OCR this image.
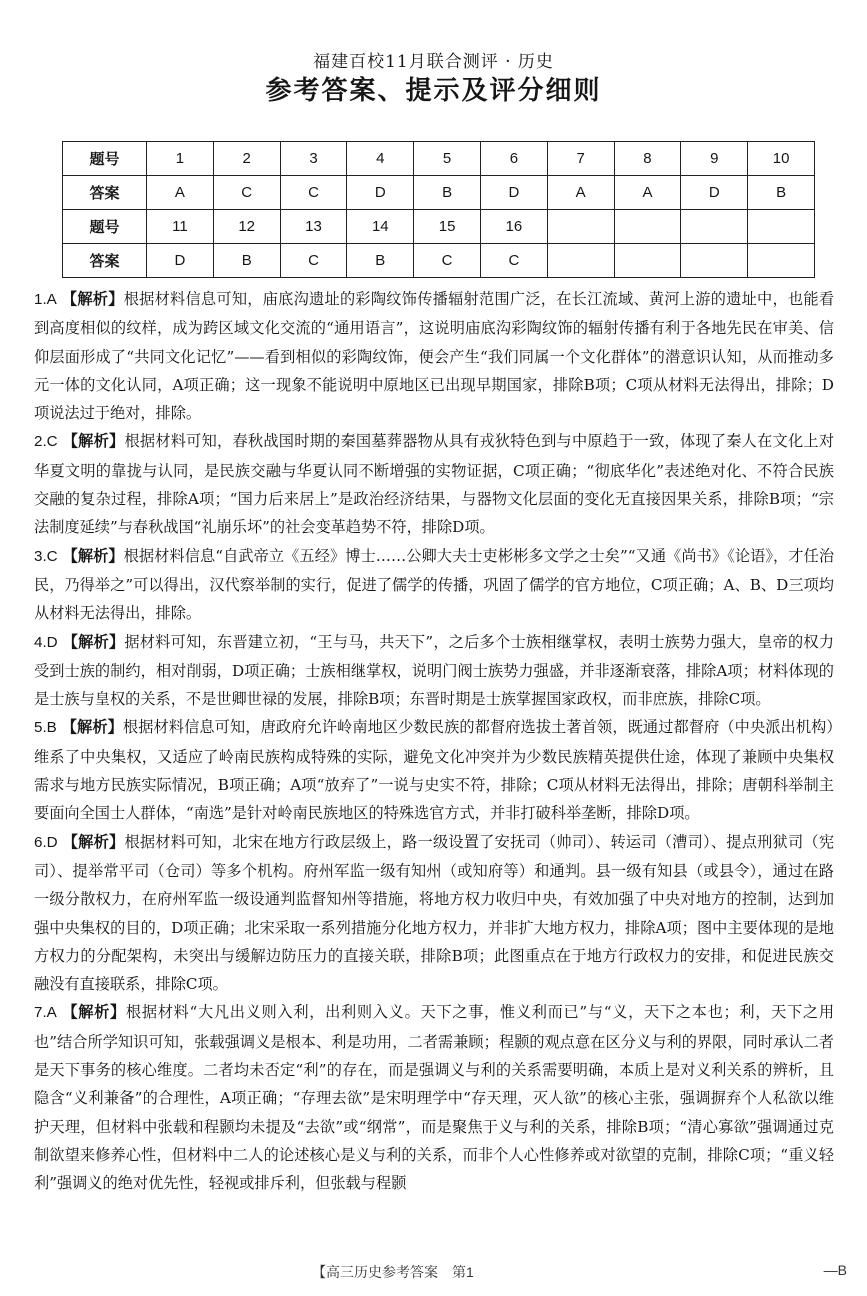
福建百校11月联合测评 · 历史
参考答案、提示及评分细则
题号	1	2	3	4	5	6	7	8	9	10
答案	A	C	C	D	B	D	A	A	D	B
题号	11	12	13	14	15	16				
答案	D	B	C	B	C	C				

1.A 【解析】根据材料信息可知，庙底沟遗址的彩陶纹饰传播辐射范围广泛，在长江流域、黄河上游的遗址中，也能看到高度相似的纹样，成为跨区域文化交流的“通用语言”，这说明庙底沟彩陶纹饰的辐射传播有利于各地先民在审美、信仰层面形成了“共同文化记忆”——看到相似的彩陶纹饰，便会产生“我们同属一个文化群体”的潜意识认知，从而推动多元一体的文化认同，A项正确；这一现象不能说明中原地区已出现早期国家，排除B项；C项从材料无法得出，排除；D项说法过于绝对，排除。

2.C 【解析】根据材料可知，春秋战国时期的秦国墓葬器物从具有戎狄特色到与中原趋于一致，体现了秦人在文化上对华夏文明的靠拢与认同，是民族交融与华夏认同不断增强的实物证据，C项正确；“彻底华化”表述绝对化、不符合民族交融的复杂过程，排除A项；“国力后来居上”是政治经济结果，与器物文化层面的变化无直接因果关系，排除B项；“宗法制度延续”与春秋战国“礼崩乐坏”的社会变革趋势不符，排除D项。

3.C 【解析】根据材料信息“自武帝立《五经》博士……公卿大夫士吏彬彬多文学之士矣”“又通《尚书》《论语》，才任治民，乃得举之”可以得出，汉代察举制的实行，促进了儒学的传播，巩固了儒学的官方地位，C项正确；A、B、D三项均从材料无法得出，排除。

4.D 【解析】据材料可知，东晋建立初，“王与马，共天下”，之后多个士族相继掌权，表明士族势力强大，皇帝的权力受到士族的制约，相对削弱，D项正确；士族相继掌权，说明门阀士族势力强盛，并非逐渐衰落，排除A项；材料体现的是士族与皇权的关系，不是世卿世禄的发展，排除B项；东晋时期是士族掌握国家政权，而非庶族，排除C项。

5.B 【解析】根据材料信息可知，唐政府允许岭南地区少数民族的都督府选拔土著首领，既通过都督府（中央派出机构）维系了中央集权，又适应了岭南民族构成特殊的实际，避免文化冲突并为少数民族精英提供仕途，体现了兼顾中央集权需求与地方民族实际情况，B项正确；A项“放弃了”一说与史实不符，排除；C项从材料无法得出，排除；唐朝科举制主要面向全国士人群体，“南选”是针对岭南民族地区的特殊选官方式，并非打破科举垄断，排除D项。

6.D 【解析】根据材料可知，北宋在地方行政层级上，路一级设置了安抚司（帅司）、转运司（漕司）、提点刑狱司（宪司）、提举常平司（仓司）等多个机构。府州军监一级有知州（或知府等）和通判。县一级有知县（或县令），通过在路一级分散权力，在府州军监一级设通判监督知州等措施，将地方权力收归中央，有效加强了中央对地方的控制，达到加强中央集权的目的，D项正确；北宋采取一系列措施分化地方权力，并非扩大地方权力，排除A项；图中主要体现的是地方权力的分配架构，未突出与缓解边防压力的直接关联，排除B项；此图重点在于地方行政权力的安排，和促进民族交融没有直接联系，排除C项。

7.A 【解析】根据材料“大凡出义则入利，出利则入义。天下之事，惟义利而已”与“义，天下之本也；利，天下之用也”结合所学知识可知，张载强调义是根本、利是功用，二者需兼顾；程颢的观点意在区分义与利的界限，同时承认二者是天下事务的核心维度。二者均未否定“利”的存在，而是强调义与利的关系需要明确，本质上是对义利关系的辨析，且隐含“义利兼备”的合理性，A项正确；“存理去欲”是宋明理学中“存天理，灭人欲”的核心主张，强调摒弃个人私欲以维护天理，但材料中张载和程颢均未提及“去欲”或“纲常”，而是聚焦于义与利的关系，排除B项；“清心寡欲”强调通过克制欲望来修养心性，但材料中二人的论述核心是义与利的关系，而非个人心性修养或对欲望的克制，排除C项；“重义轻利”强调义的绝对优先性，轻视或排斥利，但张载与程颢

【高三历史参考答案　第1	—B
